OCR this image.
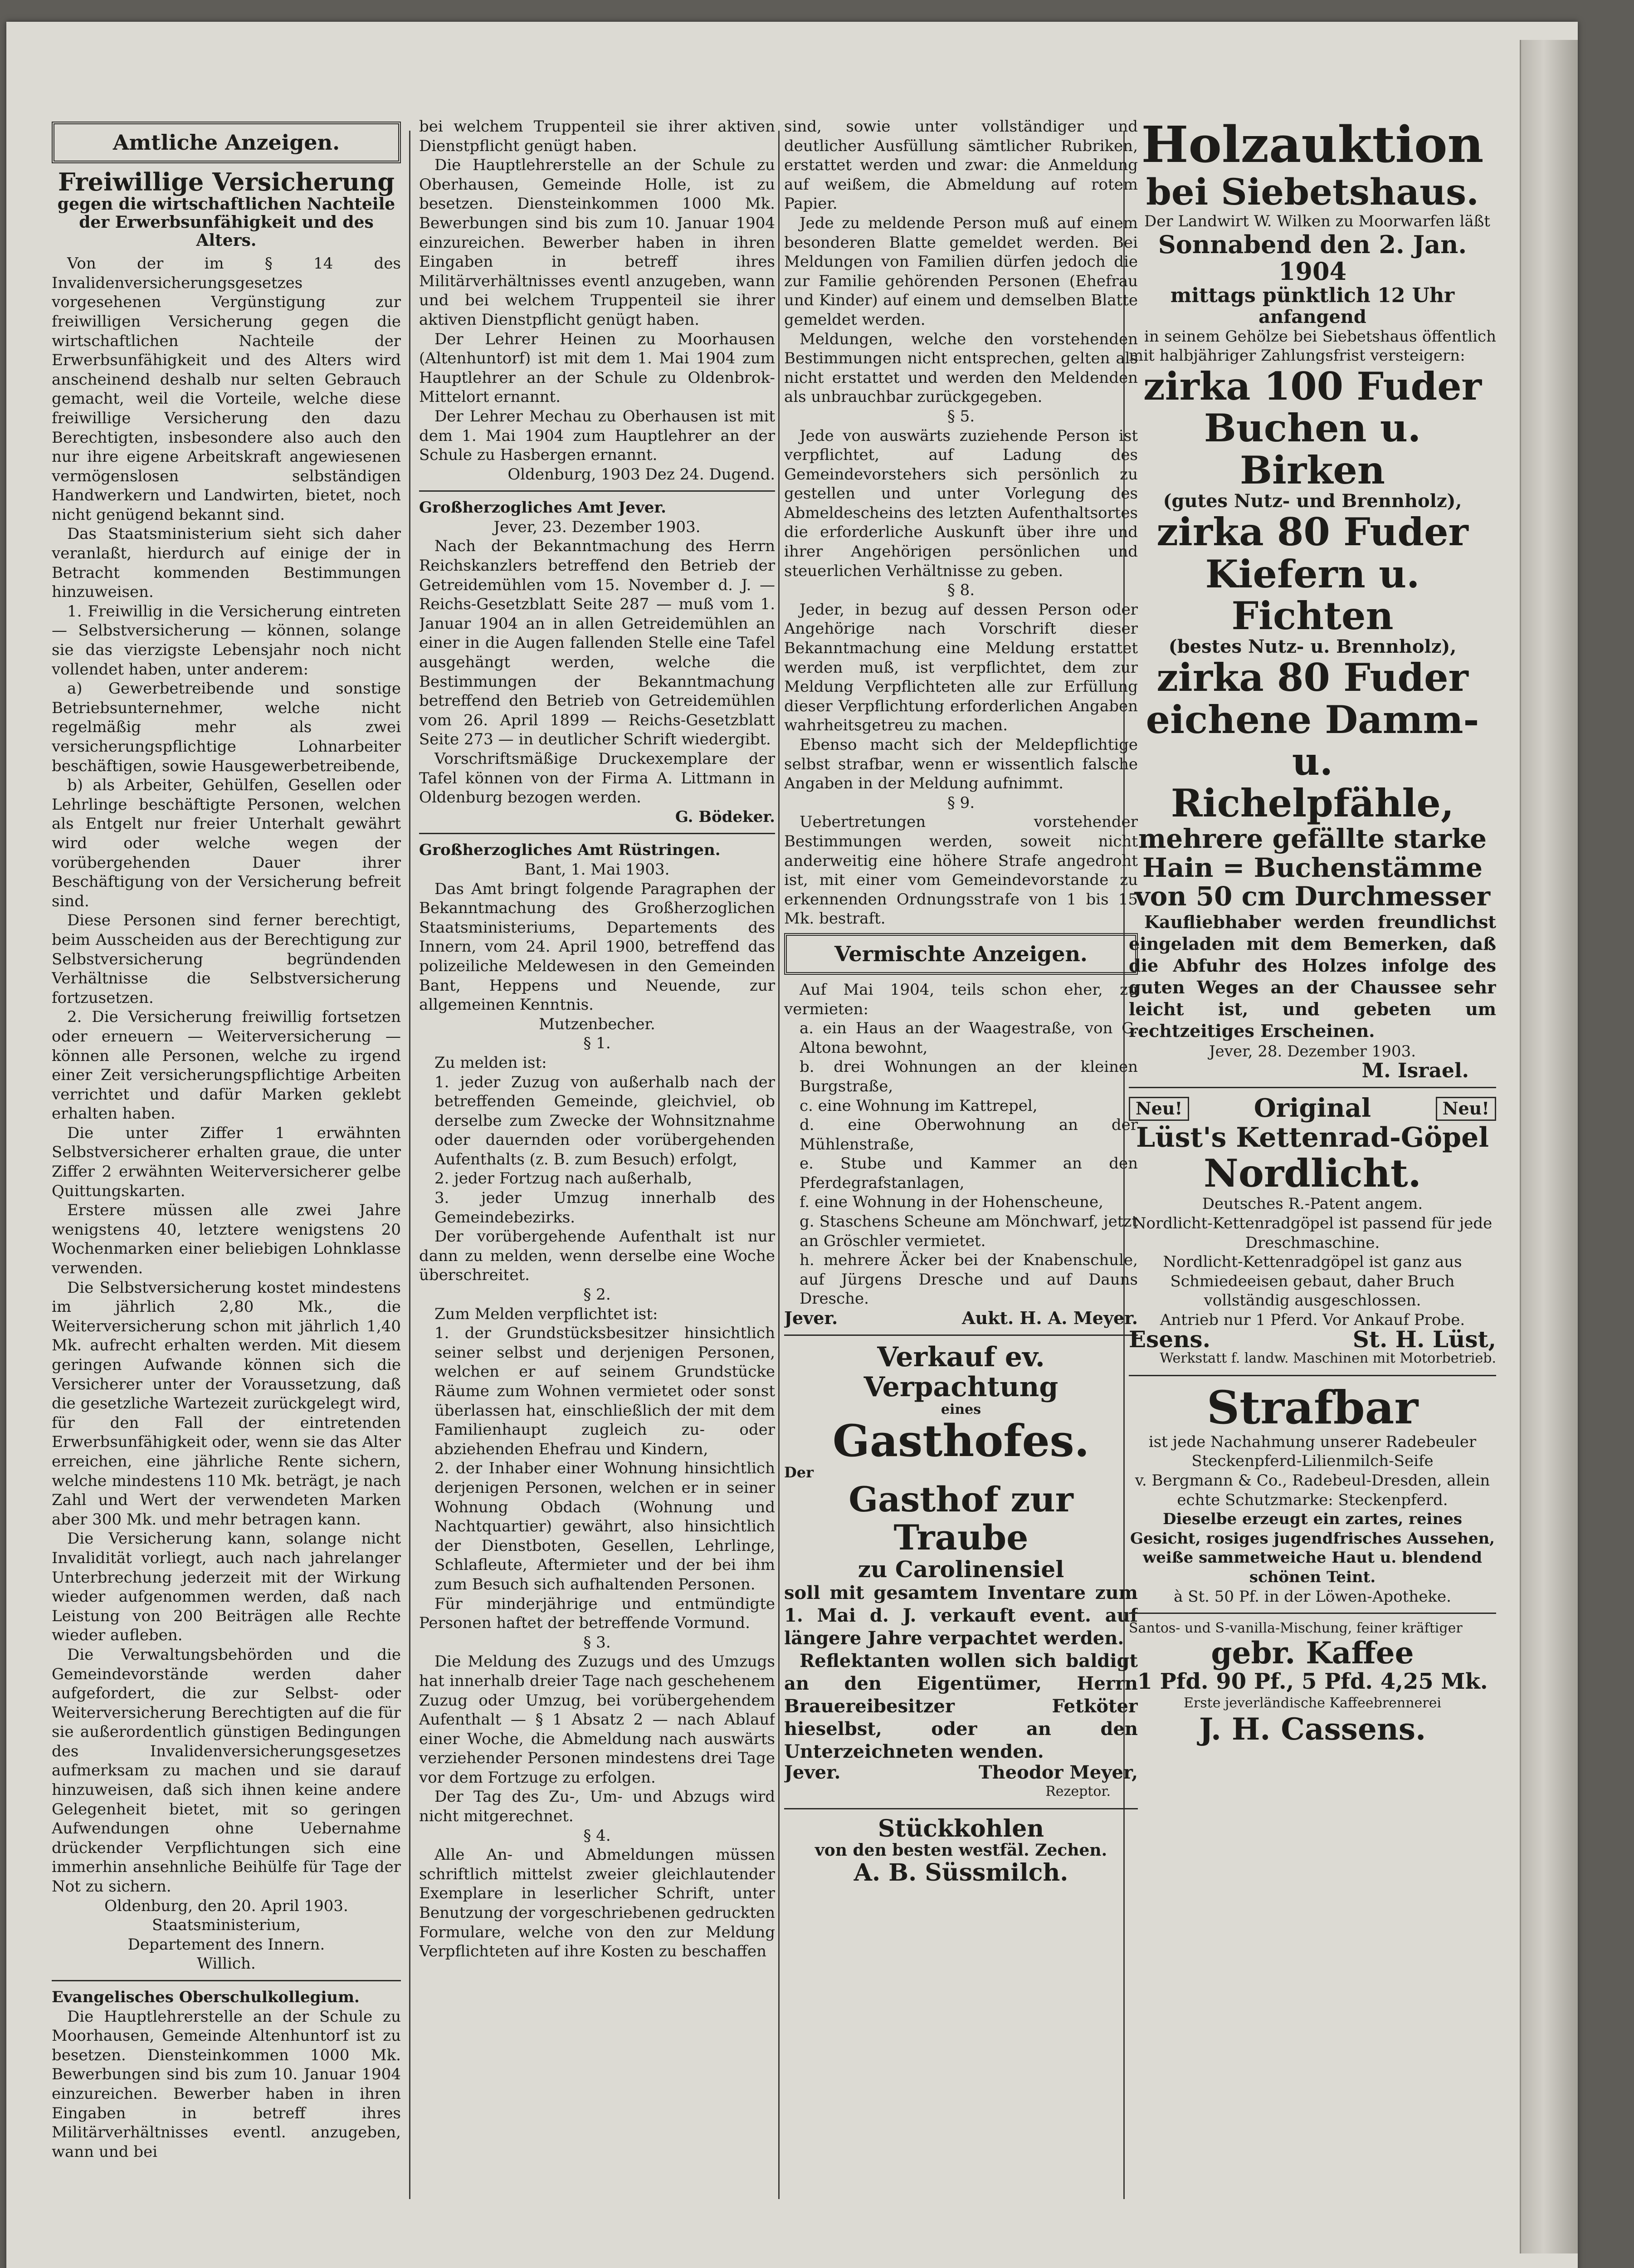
Amtliche Anzeigen.
Freiwillige Versicherung
gegen die wirtschaftlichen Nachteile der Erwerbsunfähigkeit und des Alters.

Von der im § 14 des Invalidenversicherungsgesetzes vorgesehenen Vergünstigung zur freiwilligen Versicherung gegen die wirtschaftlichen Nachteile der Erwerbsunfähigkeit und des Alters wird anscheinend deshalb nur selten Gebrauch gemacht, weil die Vorteile, welche diese freiwillige Versicherung den dazu Berechtigten, insbesondere also auch den nur ihre eigene Arbeitskraft angewiesenen vermögenslosen selbständigen Handwerkern und Landwirten, bietet, noch nicht genügend bekannt sind.

Das Staatsministerium sieht sich daher veranlaßt, hierdurch auf einige der in Betracht kommenden Bestimmungen hinzuweisen.

1. Freiwillig in die Versicherung eintreten — Selbstversicherung — können, solange sie das vierzigste Lebensjahr noch nicht vollendet haben, unter anderem:

a) Gewerbetreibende und sonstige Betriebsunternehmer, welche nicht regelmäßig mehr als zwei versicherungspflichtige Lohnarbeiter beschäftigen, sowie Hausgewerbetreibende,

b) als Arbeiter, Gehülfen, Gesellen oder Lehrlinge beschäftigte Personen, welchen als Entgelt nur freier Unterhalt gewährt wird oder welche wegen der vorübergehenden Dauer ihrer Beschäftigung von der Versicherung befreit sind.

Diese Personen sind ferner berechtigt, beim Ausscheiden aus der Berechtigung zur Selbstversicherung begründenden Verhältnisse die Selbstversicherung fortzusetzen.

2. Die Versicherung freiwillig fortsetzen oder erneuern — Weiterversicherung — können alle Personen, welche zu irgend einer Zeit versicherungspflichtige Arbeiten verrichtet und dafür Marken geklebt erhalten haben.

Die unter Ziffer 1 erwähnten Selbstversicherer erhalten graue, die unter Ziffer 2 erwähnten Weiterversicherer gelbe Quittungskarten.

Erstere müssen alle zwei Jahre wenigstens 40, letztere wenigstens 20 Wochenmarken einer beliebigen Lohnklasse verwenden.

Die Selbstversicherung kostet mindestens im jährlich 2,80 Mk., die Weiterversicherung schon mit jährlich 1,40 Mk. aufrecht erhalten werden. Mit diesem geringen Aufwande können sich die Versicherer unter der Voraussetzung, daß die gesetzliche Wartezeit zurückgelegt wird, für den Fall der eintretenden Erwerbsunfähigkeit oder, wenn sie das Alter erreichen, eine jährliche Rente sichern, welche mindestens 110 Mk. beträgt, je nach Zahl und Wert der verwendeten Marken aber 300 Mk. und mehr betragen kann.

Die Versicherung kann, solange nicht Invalidität vorliegt, auch nach jahrelanger Unterbrechung jederzeit mit der Wirkung wieder aufgenommen werden, daß nach Leistung von 200 Beiträgen alle Rechte wieder aufleben.

Die Verwaltungsbehörden und die Gemeindevorstände werden daher aufgefordert, die zur Selbst- oder Weiterversicherung Berechtigten auf die für sie außerordentlich günstigen Bedingungen des Invalidenversicherungsgesetzes aufmerksam zu machen und sie darauf hinzuweisen, daß sich ihnen keine andere Gelegenheit bietet, mit so geringen Aufwendungen ohne Uebernahme drückender Verpflichtungen sich eine immerhin ansehnliche Beihülfe für Tage der Not zu sichern.

Oldenburg, den 20. April 1903.

Staatsministerium,

Departement des Innern.

Willich.

Evangelisches Oberschulkollegium.

Die Hauptlehrerstelle an der Schule zu Moorhausen, Gemeinde Altenhuntorf ist zu besetzen. Diensteinkommen 1000 Mk. Bewerbungen sind bis zum 10. Januar 1904 einzureichen. Bewerber haben in ihren Eingaben in betreff ihres Militärverhältnisses eventl. anzugeben, wann und bei

bei welchem Truppenteil sie ihrer aktiven Dienstpflicht genügt haben.

Die Hauptlehrerstelle an der Schule zu Oberhausen, Gemeinde Holle, ist zu besetzen. Diensteinkommen 1000 Mk. Bewerbungen sind bis zum 10. Januar 1904 einzureichen. Bewerber haben in ihren Eingaben in betreff ihres Militärverhältnisses eventl anzugeben, wann und bei welchem Truppenteil sie ihrer aktiven Dienstpflicht genügt haben.

Der Lehrer Heinen zu Moorhausen (Altenhuntorf) ist mit dem 1. Mai 1904 zum Hauptlehrer an der Schule zu Oldenbrok-Mittelort ernannt.

Der Lehrer Mechau zu Oberhausen ist mit dem 1. Mai 1904 zum Hauptlehrer an der Schule zu Hasbergen ernannt.

Oldenburg, 1903 Dez 24. Dugend.

Großherzogliches Amt Jever.

Jever, 23. Dezember 1903.

Nach der Bekanntmachung des Herrn Reichskanzlers betreffend den Betrieb der Getreidemühlen vom 15. November d. J. — Reichs-Gesetzblatt Seite 287 — muß vom 1. Januar 1904 an in allen Getreidemühlen an einer in die Augen fallenden Stelle eine Tafel ausgehängt werden, welche die Bestimmungen der Bekanntmachung betreffend den Betrieb von Getreidemühlen vom 26. April 1899 — Reichs-Gesetzblatt Seite 273 — in deutlicher Schrift wiedergibt.

Vorschriftsmäßige Druckexemplare der Tafel können von der Firma A. Littmann in Oldenburg bezogen werden.

G. Bödeker.

Großherzogliches Amt Rüstringen.

Bant, 1. Mai 1903.

Das Amt bringt folgende Paragraphen der Bekanntmachung des Großherzoglichen Staatsministeriums, Departements des Innern, vom 24. April 1900, betreffend das polizeiliche Meldewesen in den Gemeinden Bant, Heppens und Neuende, zur allgemeinen Kenntnis.

Mutzenbecher.

§ 1.

Zu melden ist:

1. jeder Zuzug von außerhalb nach der betreffenden Gemeinde, gleichviel, ob derselbe zum Zwecke der Wohnsitznahme oder dauernden oder vorübergehenden Aufenthalts (z. B. zum Besuch) erfolgt,

2. jeder Fortzug nach außerhalb,

3. jeder Umzug innerhalb des Gemeindebezirks.

Der vorübergehende Aufenthalt ist nur dann zu melden, wenn derselbe eine Woche überschreitet.

§ 2.

Zum Melden verpflichtet ist:

1. der Grundstücksbesitzer hinsichtlich seiner selbst und derjenigen Personen, welchen er auf seinem Grundstücke Räume zum Wohnen vermietet oder sonst überlassen hat, einschließlich der mit dem Familienhaupt zugleich zu- oder abziehenden Ehefrau und Kindern,

2. der Inhaber einer Wohnung hinsichtlich derjenigen Personen, welchen er in seiner Wohnung Obdach (Wohnung und Nachtquartier) gewährt, also hinsichtlich der Dienstboten, Gesellen, Lehrlinge, Schlafleute, Aftermieter und der bei ihm zum Besuch sich aufhaltenden Personen.

Für minderjährige und entmündigte Personen haftet der betreffende Vormund.

§ 3.

Die Meldung des Zuzugs und des Umzugs hat innerhalb dreier Tage nach geschehenem Zuzug oder Umzug, bei vorübergehendem Aufenthalt — § 1 Absatz 2 — nach Ablauf einer Woche, die Abmeldung nach auswärts verziehender Personen mindestens drei Tage vor dem Fortzuge zu erfolgen.

Der Tag des Zu-, Um- und Abzugs wird nicht mitgerechnet.

§ 4.

Alle An- und Abmeldungen müssen schriftlich mittelst zweier gleichlautender Exemplare in leserlicher Schrift, unter Benutzung der vorgeschriebenen gedruckten Formulare, welche von den zur Meldung Verpflichteten auf ihre Kosten zu beschaffen

sind, sowie unter vollständiger und deutlicher Ausfüllung sämtlicher Rubriken, erstattet werden und zwar: die Anmeldung auf weißem, die Abmeldung auf rotem Papier.

Jede zu meldende Person muß auf einem besonderen Blatte gemeldet werden. Bei Meldungen von Familien dürfen jedoch die zur Familie gehörenden Personen (Ehefrau und Kinder) auf einem und demselben Blatte gemeldet werden.

Meldungen, welche den vorstehenden Bestimmungen nicht entsprechen, gelten als nicht erstattet und werden den Meldenden als unbrauchbar zurückgegeben.

§ 5.

Jede von auswärts zuziehende Person ist verpflichtet, auf Ladung des Gemeindevorstehers sich persönlich zu gestellen und unter Vorlegung des Abmeldescheins des letzten Aufenthaltsortes die erforderliche Auskunft über ihre und ihrer Angehörigen persönlichen und steuerlichen Verhältnisse zu geben.

§ 8.

Jeder, in bezug auf dessen Person oder Angehörige nach Vorschrift dieser Bekanntmachung eine Meldung erstattet werden muß, ist verpflichtet, dem zur Meldung Verpflichteten alle zur Erfüllung dieser Verpflichtung erforderlichen Angaben wahrheitsgetreu zu machen.

Ebenso macht sich der Meldepflichtige selbst strafbar, wenn er wissentlich falsche Angaben in der Meldung aufnimmt.

§ 9.

Uebertretungen vorstehender Bestimmungen werden, soweit nicht anderweitig eine höhere Strafe angedroht ist, mit einer vom Gemeindevorstande zu erkennenden Ordnungsstrafe von 1 bis 15 Mk. bestraft.

Vermischte Anzeigen.

Auf Mai 1904, teils schon eher, zu vermieten:

a. ein Haus an der Waagestraße, von C. Altona bewohnt,

b. drei Wohnungen an der kleinen Burgstraße,

c. eine Wohnung im Kattrepel,

d. eine Oberwohnung an der Mühlenstraße,

e. Stube und Kammer an den Pferdegrafstanlagen,

f. eine Wohnung in der Hohenscheune,

g. Staschens Scheune am Mönchwarf, jetzt an Gröschler vermietet.

h. mehrere Äcker bei der Knabenschule, auf Jürgens Dresche und auf Dauns Dresche.

Jever.	Aukt. H. A. Meyer.
Verkauf ev. Verpachtung
eines
Gasthofes.
Der
Gasthof zur Traube
zu Carolinensiel

soll mit gesamtem Inventare zum 1. Mai d. J. verkauft event. auf längere Jahre verpachtet werden.

Reflektanten wollen sich baldigt an den Eigentümer, Herrn Brauereibesitzer Fetköter hieselbst, oder an den Unterzeichneten wenden.

Jever.	Theodor Meyer,

Rezeptor.

Stückkohlen
von den besten westfäl. Zechen.
A. B. Süssmilch.
Holzauktion
bei Siebetshaus.

Der Landwirt W. Wilken zu Moorwarfen läßt

Sonnabend den 2. Jan. 1904
mittags pünktlich 12 Uhr
anfangend

in seinem Gehölze bei Siebetshaus öffentlich mit halbjähriger Zahlungsfrist versteigern:

zirka 100 Fuder
Buchen u. Birken
(gutes Nutz- und Brennholz),
zirka 80 Fuder
Kiefern u. Fichten
(bestes Nutz- u. Brennholz),
zirka 80 Fuder
eichene Damm- u.
Richelpfähle,
mehrere gefällte starke
Hain = Buchenstämme
von 50 cm Durchmesser

Kaufliebhaber werden freundlichst eingeladen mit dem Bemerken, daß die Abfuhr des Holzes infolge des guten Weges an der Chaussee sehr leicht ist, und gebeten um rechtzeitiges Erscheinen.

Jever, 28. Dezember 1903.

M. Israel.

Neu!	Original	Neu!
Lüst's Kettenrad-Göpel
Nordlicht.

Deutsches R.-Patent angem.

Nordlicht-Kettenradgöpel ist passend für jede Dreschmaschine.

Nordlicht-Kettenradgöpel ist ganz aus Schmiedeeisen gebaut, daher Bruch vollständig ausgeschlossen.

Antrieb nur 1 Pferd. Vor Ankauf Probe.

Esens.	St. H. Lüst,

Werkstatt f. landw. Maschinen mit Motorbetrieb.

Strafbar

ist jede Nachahmung unserer Radebeuler Steckenpferd-Lilienmilch-Seife

v. Bergmann & Co., Radebeul-Dresden, allein echte Schutzmarke: Steckenpferd.

Dieselbe erzeugt ein zartes, reines Gesicht, rosiges jugendfrisches Aussehen, weiße sammetweiche Haut u. blendend schönen Teint.

à St. 50 Pf. in der Löwen-Apotheke.

Santos- und S-vanilla-Mischung, feiner kräftiger

gebr. Kaffee
1 Pfd. 90 Pf., 5 Pfd. 4,25 Mk.

Erste jeverländische Kaffeebrennerei

J. H. Cassens.
